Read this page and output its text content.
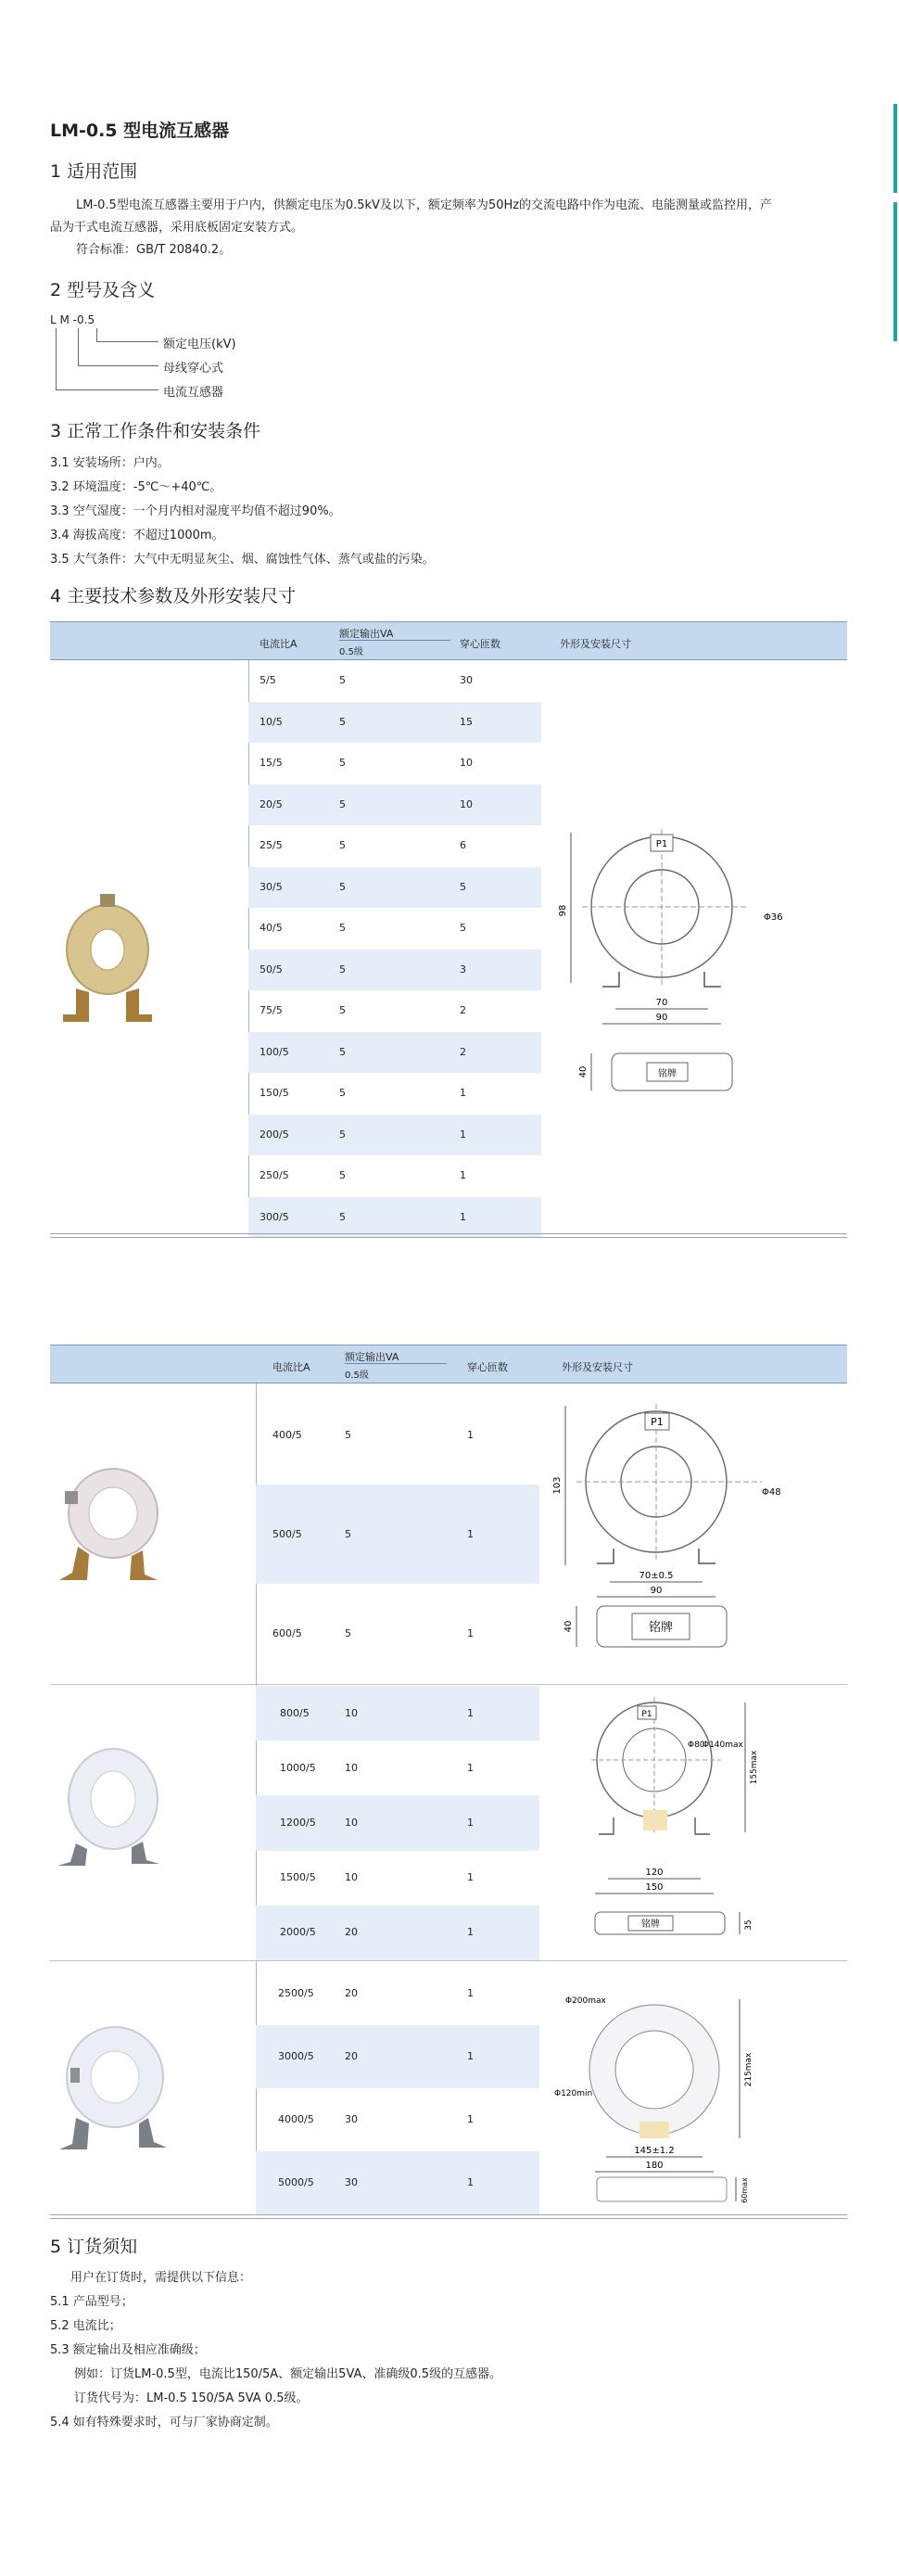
LM-0.5 型电流互感器
1 适用范围
LM-0.5型电流互感器主要用于户内，供额定电压为0.5kV及以下，额定频率为50Hz的交流电路中作为电流、电能测量或监控用，产
品为干式电流互感器，采用底板固定安装方式。
符合标准：GB/T 20840.2。
2 型号及含义
L M -0.5
额定电压(kV)
母线穿心式
电流互感器
3 正常工作条件和安装条件
3.1 安装场所：户内。
3.2 环境温度：-5℃～+40℃。
3.3 空气湿度：一个月内相对湿度平均值不超过90%。
3.4 海拔高度：不超过1000m。
3.5 大气条件：大气中无明显灰尘、烟、腐蚀性气体、蒸气或盐的污染。
4 主要技术参数及外形安装尺寸
电流比A
额定输出VA
0.5级
穿心匝数	外形及安装尺寸
5/5	5	30
10/5	5	15
15/5	5	10
20/5	5	10
25/5	5	6
30/5	5	5
40/5	5	5
50/5	5	3
75/5	5	2
100/5	5	2
150/5	5	1
200/5	5	1
250/5	5	1
300/5	5	1
98
P1
Φ36
70
90
铭牌
40
电流比A
额定输出VA
0.5级
穿心匝数	外形及安装尺寸
400/5	5	1
500/5	5	1
600/5	5	1
800/5	10	1
1000/5	10	1
1200/5	10	1
1500/5	10	1
2000/5	20	1
2500/5	20	1
3000/5	20	1
4000/5	30	1
5000/5	30	1
103
P1
Φ48
70±0.5
90
铭牌
40
P1
Φ80
Φ140max
155max
120
150
铭牌	35
Φ200max
Φ120min
215max
145±1.2
180
60max
5 订货须知
用户在订货时，需提供以下信息：
5.1 产品型号；
5.2 电流比；
5.3 额定输出及相应准确级；
例如：订货LM-0.5型，电流比150/5A、额定输出5VA、准确级0.5级的互感器。
订货代号为：LM-0.5 150/5A 5VA 0.5级。
5.4 如有特殊要求时，可与厂家协商定制。
